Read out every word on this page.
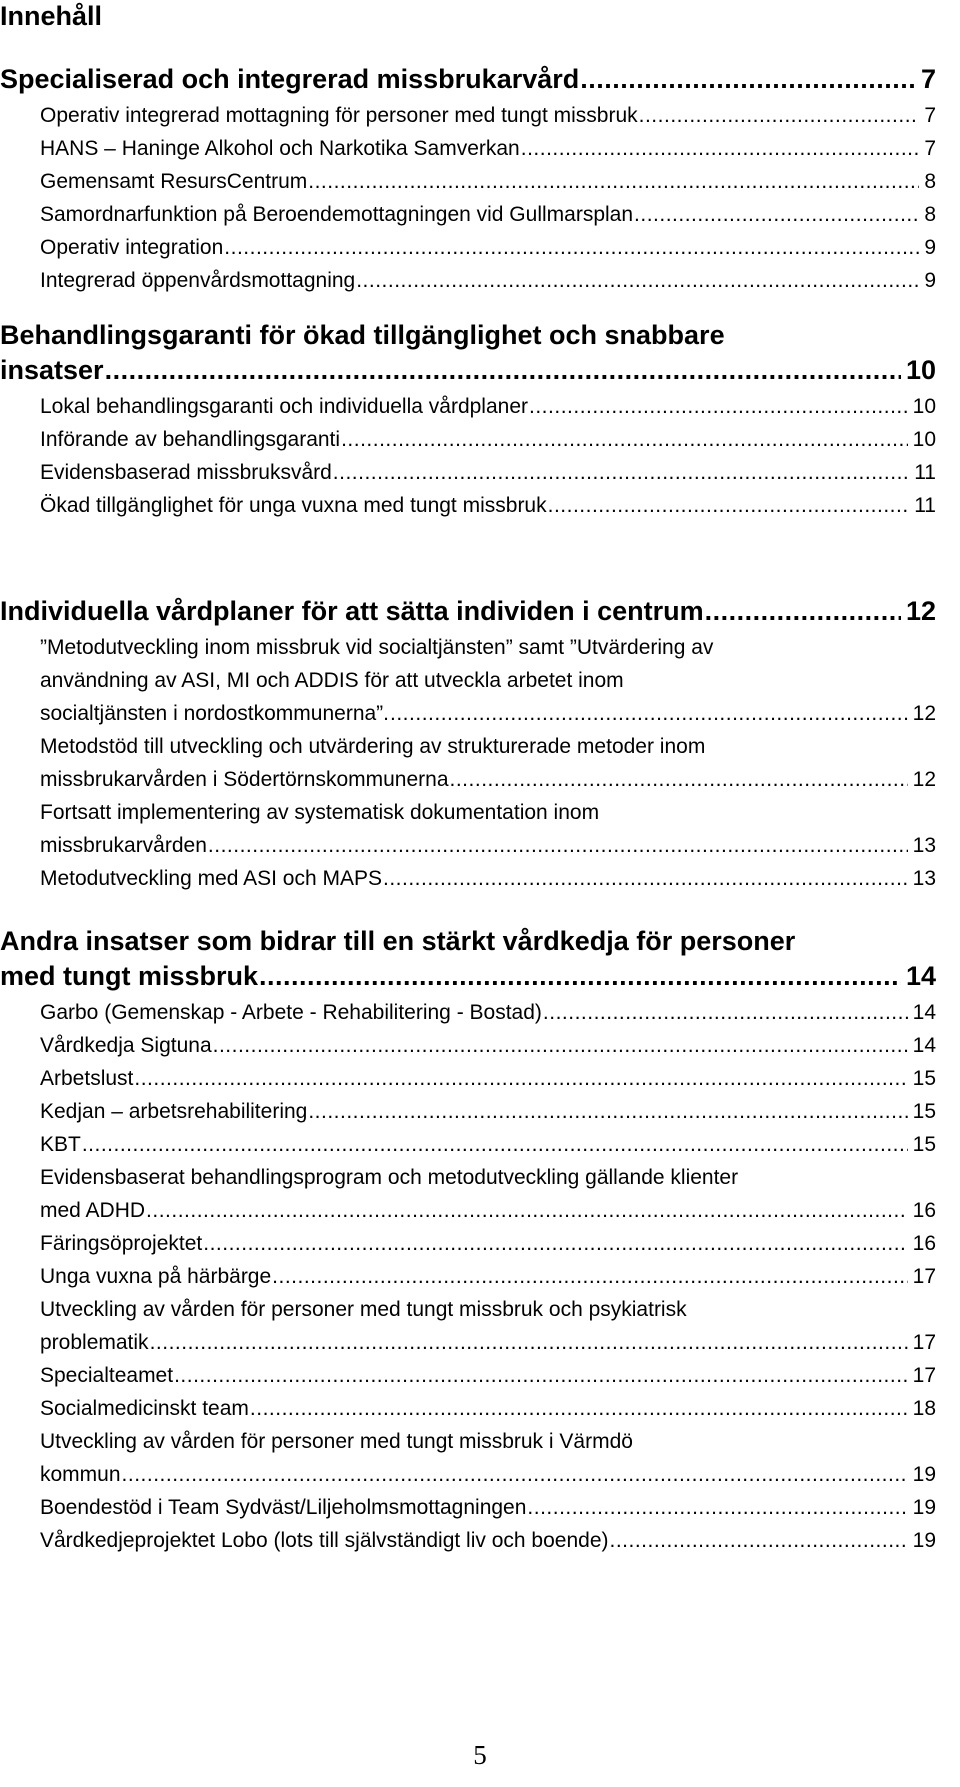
Innehåll
Specialiserad och integrerad missbrukarvård .....	7
Operativ integrerad mottagning för personer med tungt missbruk .....	7
HANS – Haninge Alkohol och Narkotika Samverkan .....	7
Gemensamt ResursCentrum .....	8
Samordnarfunktion på Beroendemottagningen vid Gullmarsplan .....	8
Operativ integration .....	9
Integrerad öppenvårdsmottagning .....	9
Behandlingsgaranti för ökad tillgänglighet och snabbare
insatser .....	10
Lokal behandlingsgaranti och individuella vårdplaner .....	10
Införande av behandlingsgaranti .....	10
Evidensbaserad missbruksvård .....	11
Ökad tillgänglighet för unga vuxna med tungt missbruk .....	11
Individuella vårdplaner för att sätta individen i centrum .....	12
”Metodutveckling inom missbruk vid socialtjänsten” samt ”Utvärdering av
användning av ASI, MI och ADDIS för att utveckla arbetet inom
socialtjänsten i nordostkommunerna”. .....	12
Metodstöd till utveckling och utvärdering av strukturerade metoder inom
missbrukarvården i Södertörnskommunerna .....	12
Fortsatt implementering av systematisk dokumentation inom
missbrukarvården .....	13
Metodutveckling med ASI och MAPS .....	13
Andra insatser som bidrar till en stärkt vårdkedja för personer
med tungt missbruk .....	14
Garbo (Gemenskap - Arbete - Rehabilitering - Bostad) .....	14
Vårdkedja Sigtuna .....	14
Arbetslust .....	15
Kedjan – arbetsrehabilitering .....	15
KBT .....	15
Evidensbaserat behandlingsprogram och metodutveckling gällande klienter
med ADHD .....	16
Färingsöprojektet .....	16
Unga vuxna på härbärge .....	17
Utveckling av vården för personer med tungt missbruk och psykiatrisk
problematik .....	17
Specialteamet .....	17
Socialmedicinskt team .....	18
Utveckling av vården för personer med tungt missbruk i Värmdö
kommun .....	19
Boendestöd i Team Sydväst/Liljeholmsmottagningen .....	19
Vårdkedjeprojektet Lobo (lots till självständigt liv och boende) .....	19
5
